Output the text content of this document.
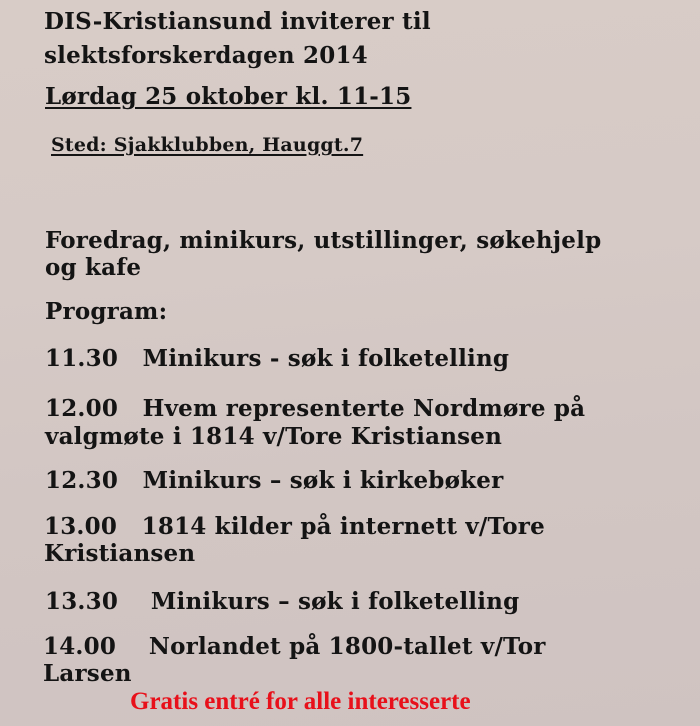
DIS-Kristiansund inviterer til
slektsforskerdagen 2014
Lørdag 25 oktober kl. 11-15
Sted: Sjakklubben, Hauggt.7
Foredrag, minikurs, utstillinger, søkehjelp
og kafe
Program:
11.30 Minikurs - søk i folketelling
12.00 Hvem representerte Nordmøre på
valgmøte i 1814 v/Tore Kristiansen
12.30 Minikurs – søk i kirkebøker
13.00 1814 kilder på internett v/Tore
Kristiansen
13.30 Minikurs – søk i folketelling
14.00 Norlandet på 1800-tallet v/Tor
Larsen
Gratis entré for alle interesserte
